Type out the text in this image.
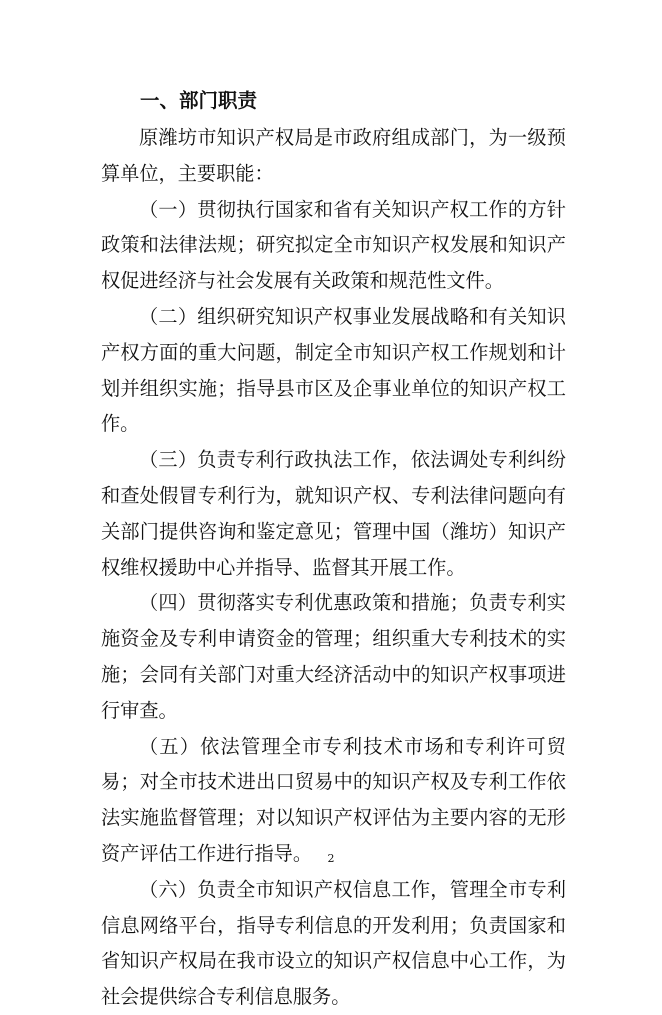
一、部门职责

原潍坊市知识产权局是市政府组成部门，为一级预算单位，主要职能：

（一）贯彻执行国家和省有关知识产权工作的方针政策和法律法规；研究拟定全市知识产权发展和知识产权促进经济与社会发展有关政策和规范性文件。

（二）组织研究知识产权事业发展战略和有关知识产权方面的重大问题，制定全市知识产权工作规划和计划并组织实施；指导县市区及企事业单位的知识产权工作。

（三）负责专利行政执法工作，依法调处专利纠纷和查处假冒专利行为，就知识产权、专利法律问题向有关部门提供咨询和鉴定意见；管理中国（潍坊）知识产权维权援助中心并指导、监督其开展工作。

（四）贯彻落实专利优惠政策和措施；负责专利实施资金及专利申请资金的管理；组织重大专利技术的实施；会同有关部门对重大经济活动中的知识产权事项进行审查。

（五）依法管理全市专利技术市场和专利许可贸易；对全市技术进出口贸易中的知识产权及专利工作依法实施监督管理；对以知识产权评估为主要内容的无形资产评估工作进行指导。

（六）负责全市知识产权信息工作，管理全市专利信息网络平台，指导专利信息的开发利用；负责国家和省知识产权局在我市设立的知识产权信息中心工作，为社会提供综合专利信息服务。

2
